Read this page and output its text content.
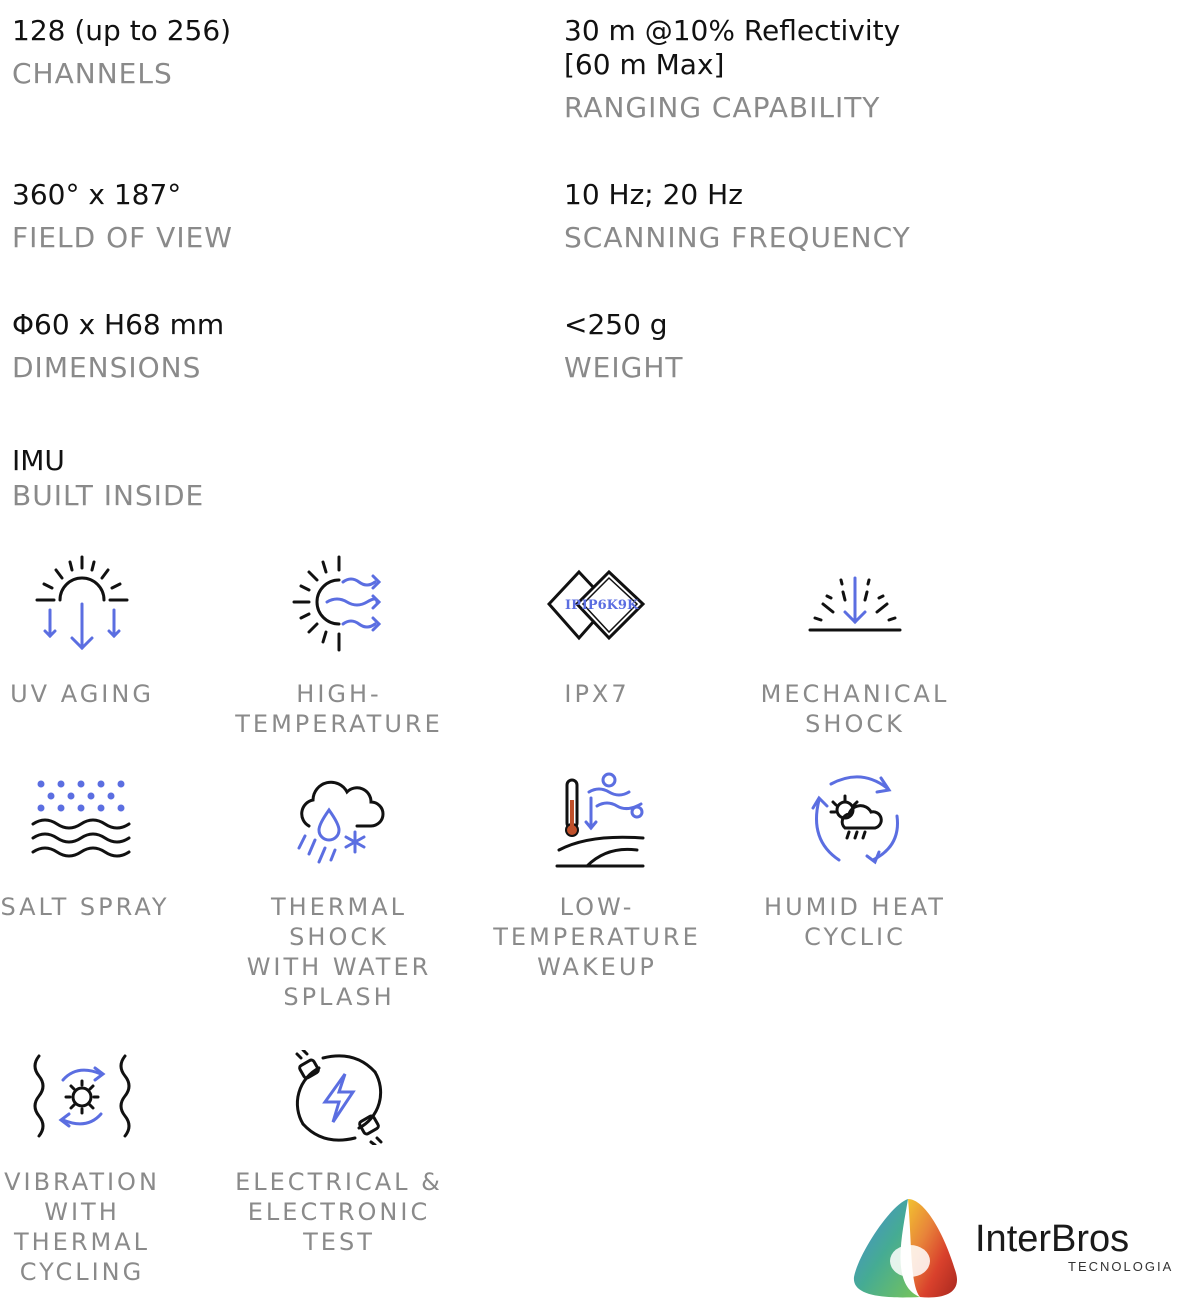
128 (up to 256)
CHANNELS
30 m @10% Reflectivity
[60 m Max]
RANGING CAPABILITY
360° x 187°
FIELD OF VIEW
10 Hz; 20 Hz
SCANNING FREQUENCY
Φ60 x H68 mm
DIMENSIONS
<250 g
WEIGHT
IMU
BUILT INSIDE
UV AGING	HIGH-
TEMPERATURE
IP IP6K9K
IPX7	MECHANICAL
SHOCK
SALT SPRAY	THERMAL
SHOCK
WITH WATER
SPLASH
LOW-
TEMPERATURE
WAKEUP
HUMID HEAT
CYCLIC
VIBRATION
WITH
THERMAL
CYCLING
ELECTRICAL &
ELECTRONIC
TEST	InterBros
TECNOLOGIA
